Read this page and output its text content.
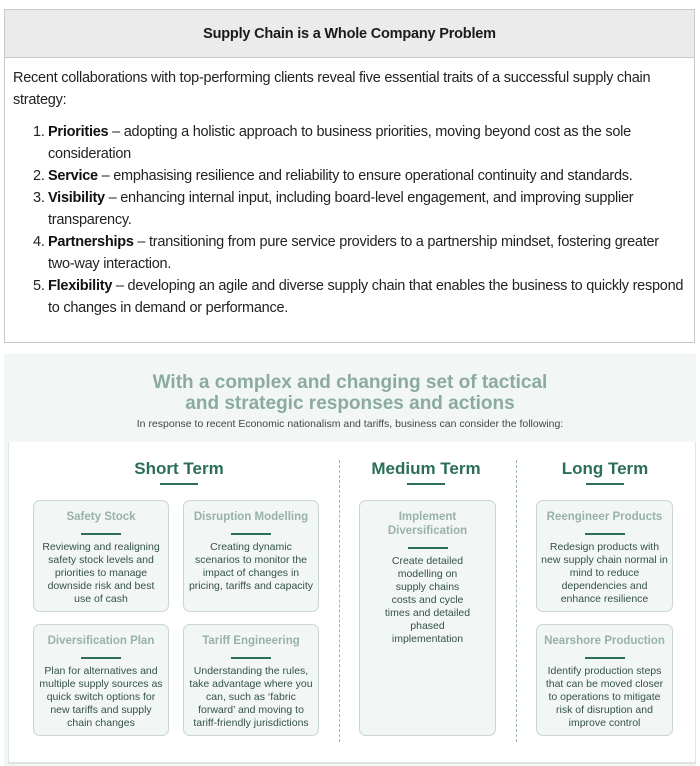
Supply Chain is a Whole Company Problem

Recent collaborations with top-performing clients reveal five essential traits of a successful supply chain strategy:

1. Priorities – adopting a holistic approach to business priorities, moving beyond cost as the sole consideration
2. Service – emphasising resilience and reliability to ensure operational continuity and standards.
3. Visibility – enhancing internal input, including board-level engagement, and improving supplier transparency.
4. Partnerships – transitioning from pure service providers to a partnership mindset, fostering greater two-way interaction.
5. Flexibility – developing an agile and diverse supply chain that enables the business to quickly respond to changes in demand or performance.
With a complex and changing set of tactical
and strategic responses and actions
In response to recent Economic nationalism and tariffs, business can consider the following:
Short Term
Safety Stock
Reviewing and realigning safety stock levels and priorities to manage downside risk and best use of cash
Disruption Modelling
Creating dynamic scenarios to monitor the impact of changes in pricing, tariffs and capacity
Diversification Plan
Plan for alternatives and multiple supply sources as quick switch options for new tariffs and supply chain changes
Tariff Engineering
Understanding the rules, take advantage where you can, such as ‘fabric forward’ and moving to tariff-friendly jurisdictions
Medium Term
Implement Diversification
Create detailed modelling on supply chains costs and cycle times and detailed phased implementation
Long Term
Reengineer Products
Redesign products with new supply chain normal in mind to reduce dependencies and enhance resilience
Nearshore Production
Identify production steps that can be moved closer to operations to mitigate risk of disruption and improve control
